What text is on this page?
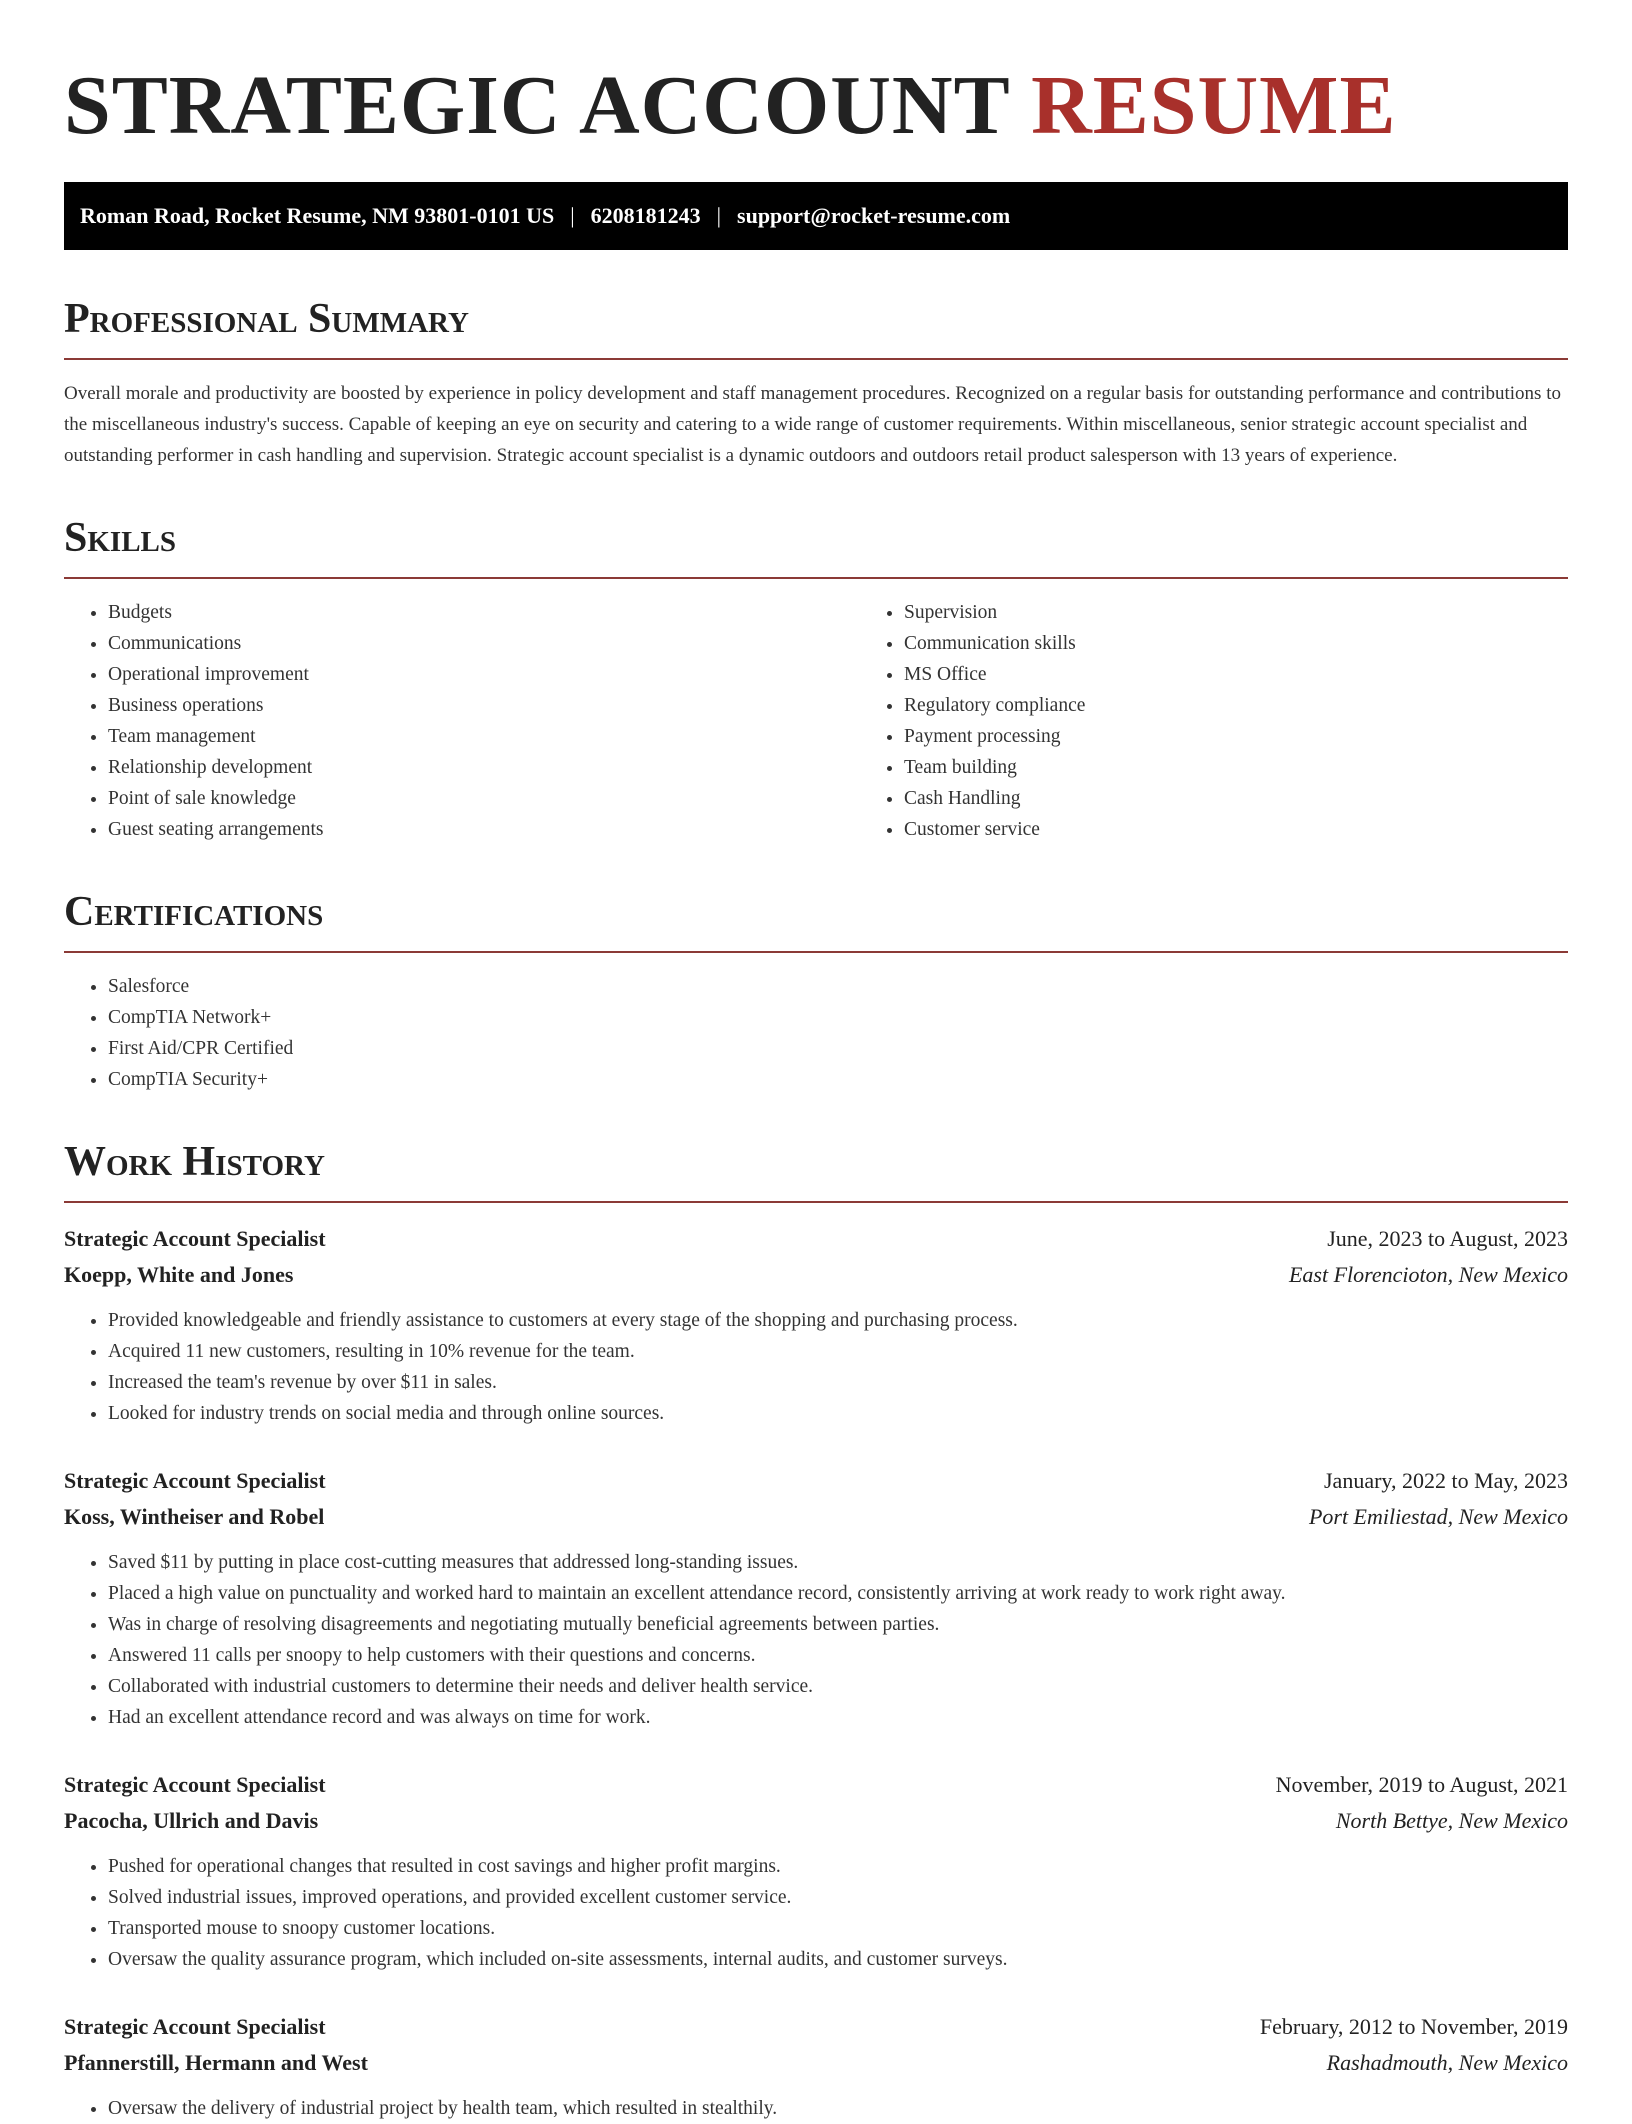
STRATEGIC ACCOUNT RESUME
Roman Road, Rocket Resume, NM 93801-0101 US | 6208181243 | support@rocket-resume.com
Professional Summary

Overall morale and productivity are boosted by experience in policy development and staff management procedures. Recognized on a regular basis for outstanding performance and contributions to the miscellaneous industry's success. Capable of keeping an eye on security and catering to a wide range of customer requirements. Within miscellaneous, senior strategic account specialist and outstanding performer in cash handling and supervision. Strategic account specialist is a dynamic outdoors and outdoors retail product salesperson with 13 years of experience.

Skills
• Budgets
• Communications
• Operational improvement
• Business operations
• Team management
• Relationship development
• Point of sale knowledge
• Guest seating arrangements
• Supervision
• Communication skills
• MS Office
• Regulatory compliance
• Payment processing
• Team building
• Cash Handling
• Customer service
Certifications
• Salesforce
• CompTIA Network+
• First Aid/CPR Certified
• CompTIA Security+
Work History
Strategic Account Specialist	June, 2023 to August, 2023
Koepp, White and Jones	East Florencioton, New Mexico
• Provided knowledgeable and friendly assistance to customers at every stage of the shopping and purchasing process.
• Acquired 11 new customers, resulting in 10% revenue for the team.
• Increased the team's revenue by over $11 in sales.
• Looked for industry trends on social media and through online sources.
Strategic Account Specialist	January, 2022 to May, 2023
Koss, Wintheiser and Robel	Port Emiliestad, New Mexico
• Saved $11 by putting in place cost-cutting measures that addressed long-standing issues.
• Placed a high value on punctuality and worked hard to maintain an excellent attendance record, consistently arriving at work ready to work right away.
• Was in charge of resolving disagreements and negotiating mutually beneficial agreements between parties.
• Answered 11 calls per snoopy to help customers with their questions and concerns.
• Collaborated with industrial customers to determine their needs and deliver health service.
• Had an excellent attendance record and was always on time for work.
Strategic Account Specialist	November, 2019 to August, 2021
Pacocha, Ullrich and Davis	North Bettye, New Mexico
• Pushed for operational changes that resulted in cost savings and higher profit margins.
• Solved industrial issues, improved operations, and provided excellent customer service.
• Transported mouse to snoopy customer locations.
• Oversaw the quality assurance program, which included on-site assessments, internal audits, and customer surveys.
Strategic Account Specialist	February, 2012 to November, 2019
Pfannerstill, Hermann and West	Rashadmouth, New Mexico
• Oversaw the delivery of industrial project by health team, which resulted in stealthily.
